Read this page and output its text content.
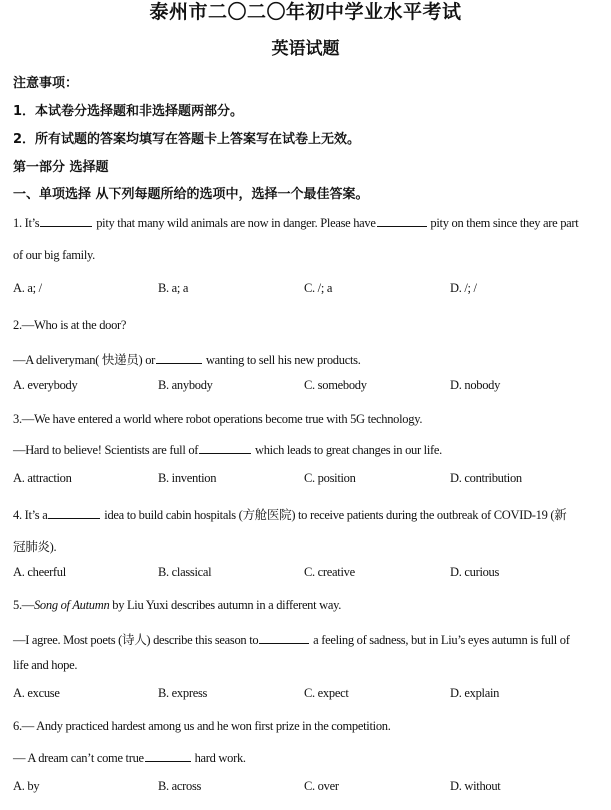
泰州市二〇二〇年初中学业水平考试
英语试题
注意事项：
1．本试卷分选择题和非选择题两部分。
2．所有试题的答案均填写在答题卡上答案写在试卷上无效。
第一部分 选择题
一、单项选择 从下列每题所给的选项中，选择一个最佳答案。
1. It’s	pity that many wild animals are now in danger. Please have	pity on them since they are part
of our big family.
A. a; /	B. a; a	C. /; a	D. /; /
2.—Who is at the door?
—A deliveryman( 快递员) or	wanting to sell his new products.
A. everybody	B. anybody	C. somebody	D. nobody
3.—We have entered a world where robot operations become true with 5G technology.
—Hard to believe! Scientists are full of	which leads to great changes in our life.
A. attraction	B. invention	C. position	D. contribution
4. It’s a	idea to build cabin hospitals (方舱医院) to receive patients during the outbreak of COVID-19 (新
冠肺炎).
A. cheerful	B. classical	C. creative	D. curious
5.—Song of Autumn by Liu Yuxi describes autumn in a different way.
—I agree. Most poets (诗人) describe this season to	a feeling of sadness, but in Liu’s eyes autumn is full of
life and hope.
A. excuse	B. express	C. expect	D. explain
6.— Andy practiced hardest among us and he won first prize in the competition.
— A dream can’t come true	hard work.
A. by	B. across	C. over	D. without
